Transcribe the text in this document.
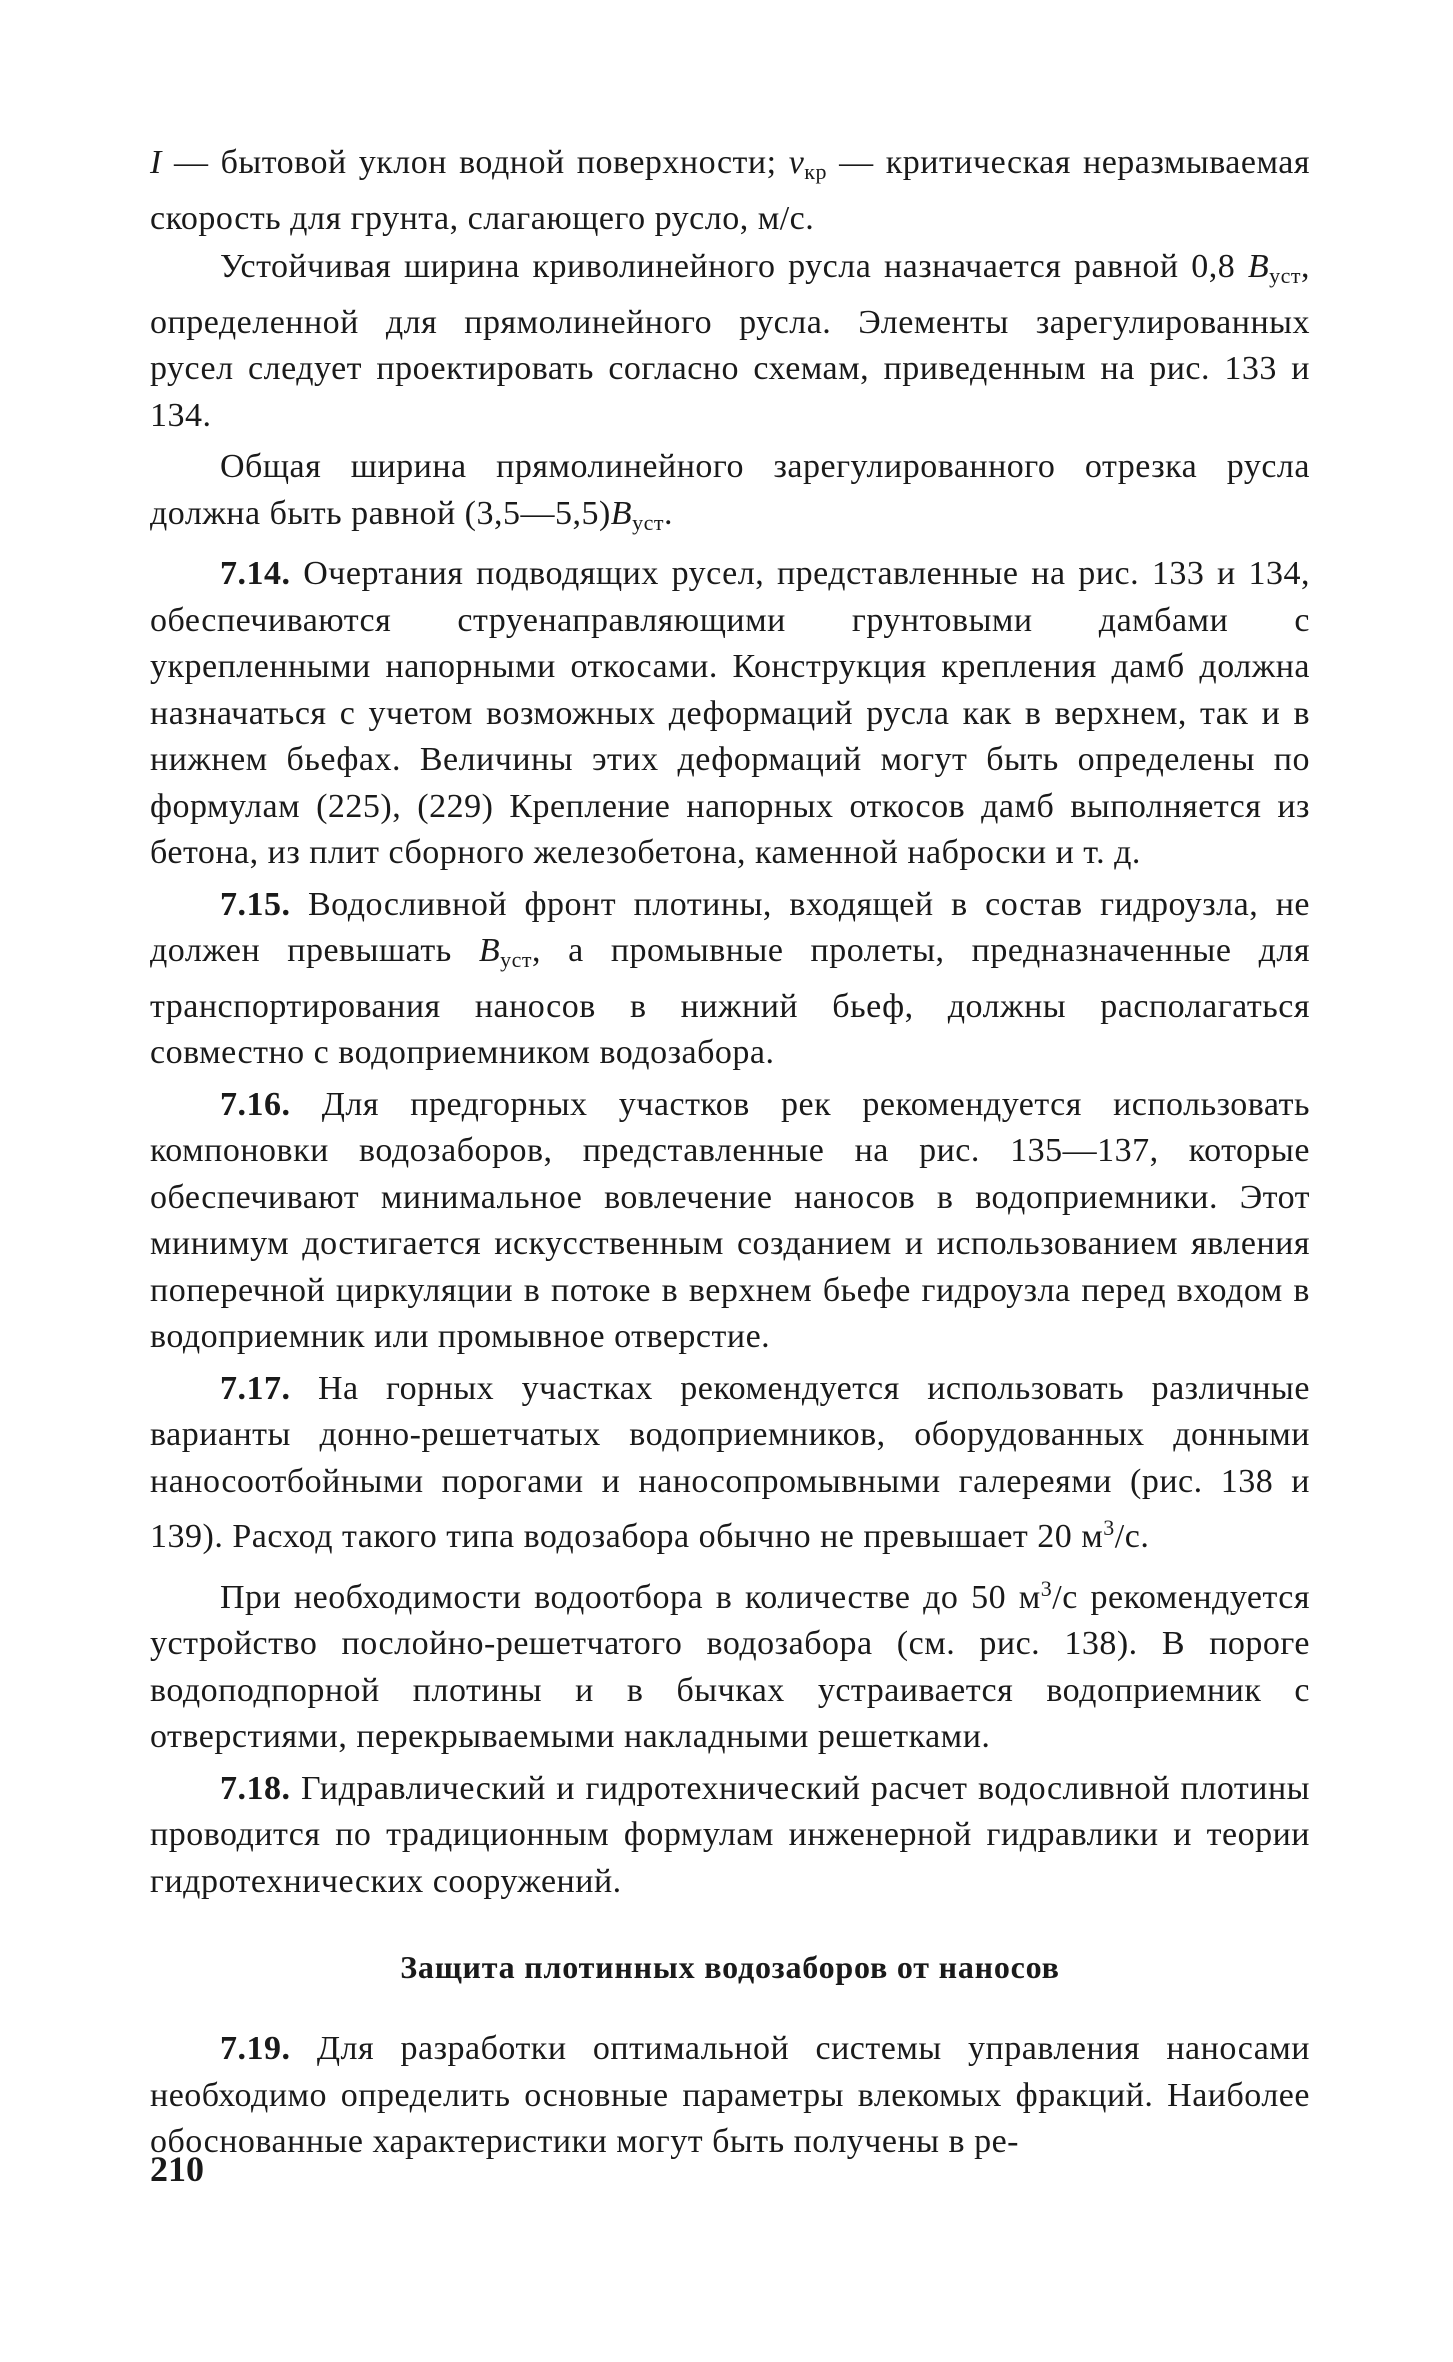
I — бытовой уклон водной поверхности; $v_{кр}$ — критическая неразмываемая скорость для грунта, слагающего русло, м/с.

Устойчивая ширина криволинейного русла назначается равной 0,8 $B_{уст}$, определенной для прямолинейного русла. Элементы зарегулированных русел следует проектировать согласно схемам, приведенным на рис. 133 и 134.

Общая ширина прямолинейного зарегулированного отрезка русла должна быть равной $(3,5—5,5)B_{уст}$.

7.14. Очертания подводящих русел, представленные на рис. 133 и 134, обеспечиваются струенаправляющими грунтовыми дамбами с укрепленными напорными откосами. Конструкция крепления дамб должна назначаться с учетом возможных деформаций русла как в верхнем, так и в нижнем бьефах. Величины этих деформаций могут быть определены по формулам (225), (229) Крепление напорных откосов дамб выполняется из бетона, из плит сборного железобетона, каменной наброски и т. д.

7.15. Водосливной фронт плотины, входящей в состав гидроузла, не должен превышать $B_{уст}$, а промывные пролеты, предназначенные для транспортирования наносов в нижний бьеф, должны располагаться совместно с водоприемником водозабора.

7.16. Для предгорных участков рек рекомендуется использовать компоновки водозаборов, представленные на рис. 135—137, которые обеспечивают минимальное вовлечение наносов в водоприемники. Этот минимум достигается искусственным созданием и использованием явления поперечной циркуляции в потоке в верхнем бьефе гидроузла перед входом в водоприемник или промывное отверстие.

7.17. На горных участках рекомендуется использовать различные варианты донно-решетчатых водоприемников, оборудованных донными наносоотбойными порогами и наносопромывными галереями (рис. 138 и 139). Расход такого типа водозабора обычно не превышает 20 $м^3/с$.

При необходимости водоотбора в количестве до 50 $м^3/с$ рекомендуется устройство послойно-решетчатого водозабора (см. рис. 138). В пороге водоподпорной плотины и в бычках устраивается водоприемник с отверстиями, перекрываемыми накладными решетками.

7.18. Гидравлический и гидротехнический расчет водосливной плотины проводится по традиционным формулам инженерной гидравлики и теории гидротехнических сооружений.

Защита плотинных водозаборов от наносов

7.19. Для разработки оптимальной системы управления наносами необходимо определить основные параметры влекомых фракций. Наиболее обоснованные характеристики могут быть получены в ре-

210
